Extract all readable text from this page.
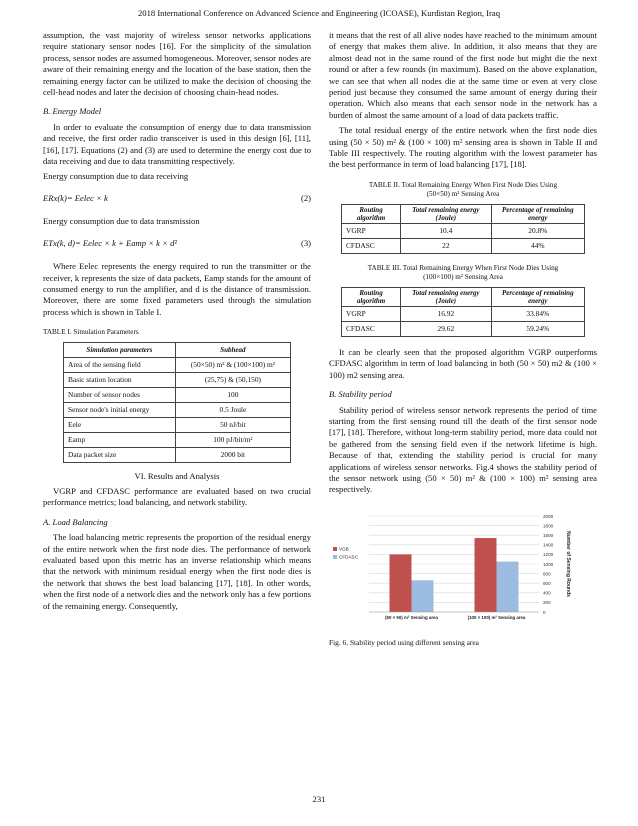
2018 International Conference on Advanced Science and Engineering (ICOASE), Kurdistan Region, Iraq

assumption, the vast majority of wireless sensor networks applications require stationary sensor nodes [16]. For the simplicity of the simulation process, sensor nodes are assumed homogeneous. Moreover, sensor nodes are aware of their remaining energy and the location of the base station, then the remaining energy factor can be utilized to make the decision of choosing the cell-head nodes and later the decision of choosing chain-head nodes.

B. Energy Model

In order to evaluate the consumption of energy due to data transmission and receive, the first order radio transceiver is used in this design [6], [11], [16], [17]. Equations (2) and (3) are used to determine the energy cost due to data receiving and due to data transmitting respectively.

Energy consumption due to data receiving

ERx(k)= Eelec × k	(2)

Energy consumption due to data transmission

ETx(k, d)= Eelec × k + Eamp × k × d²	(3)

Where Eelec represents the energy required to run the transmitter or the receiver, k represents the size of data packets, Eamp stands for the amount of consumed energy to run the amplifier, and d is the distance of transmission. Moreover, there are some fixed parameters used through the simulation process which is shown in Table I.

TABLE I. Simulation Parameters
Simulation parameters	Subhead
Area of the sensing field	(50×50) m² & (100×100) m²
Basic station location	(25,75) & (50,150)
Number of sensor nodes	100
Sensor node's initial energy	0.5 Joule
Eele	50 nJ/bit
Eamp	100 pJ/bit/m²
Data packet size	2000 bit
VI. Results and Analysis

VGRP and CFDASC performance are evaluated based on two crucial performance metrics; load balancing, and network stability.

A. Load Balancing

The load balancing metric represents the proportion of the residual energy of the entire network when the first node dies. The performance of network evaluated based upon this metric has an inverse relationship which means that the network with minimum residual energy when the first node dies is the network that shows the best load balancing [17], [18]. In other words, when the first node of a network dies and the network only has a few portions of the remaining energy. Consequently,

it means that the rest of all alive nodes have reached to the minimum amount of energy that makes them alive. In addition, it also means that they are almost dead not in the same round of the first node but might die the next round or after a few rounds (in maximum). Based on the above explanation, we can see that when all nodes die at the same time or even at very close period just because they consumed the same amount of energy during their operation. Which also means that each sensor node in the network has a burden of almost the same amount of a load of data packets traffic.

The total residual energy of the entire network when the first node dies using (50 × 50) m² & (100 × 100) m² sensing area is shown in Table II and Table III respectively. The routing algorithm with the lowest parameter has the best performance in term of load balancing [17], [18].

TABLE II. Total Remaining Energy When First Node Dies Using
(50×50) m² Sensing Area
Routing algorithm	Total remaining energy (Joule)	Percentage of remaining energy
VGRP	10.4	20.8%
CFDASC	22	44%
TABLE III. Total Remaining Energy When First Node Dies Using
(100×100) m² Sensing Area
Routing algorithm	Total remaining energy (Joule)	Percentage of remaining energy
VGRP	16.92	33.84%
CFDASC	29.62	59.24%

It can be clearly seen that the proposed algorithm VGRP outperforms CFDASC algorithm in term of load balancing in both (50 × 50) m2 & (100 × 100) m2 sensing area.

B. Stability period

Stability period of wireless sensor network represents the period of time starting from the first sensing round till the death of the first sensor node [17], [18]. Therefore, without long-term stability period, more data could not be gathered from the sensing field even if the network lifetime is high. Because of that, extending the stability period is crucial for many applications of wireless sensor networks. Fig.4 shows the stability period of the sensor network using (50 × 50) m² & (100 × 100) m² sensing area respectively.

0
200
400
600
800
1000
1200
1400
1600
1800
2000
(50 × 50) m² Sensing area	(100 × 100) m² Sensing area
Number of Sensing Rounds
VGB
CFDASC
Fig. 6. Stability period using different sensing area
231
